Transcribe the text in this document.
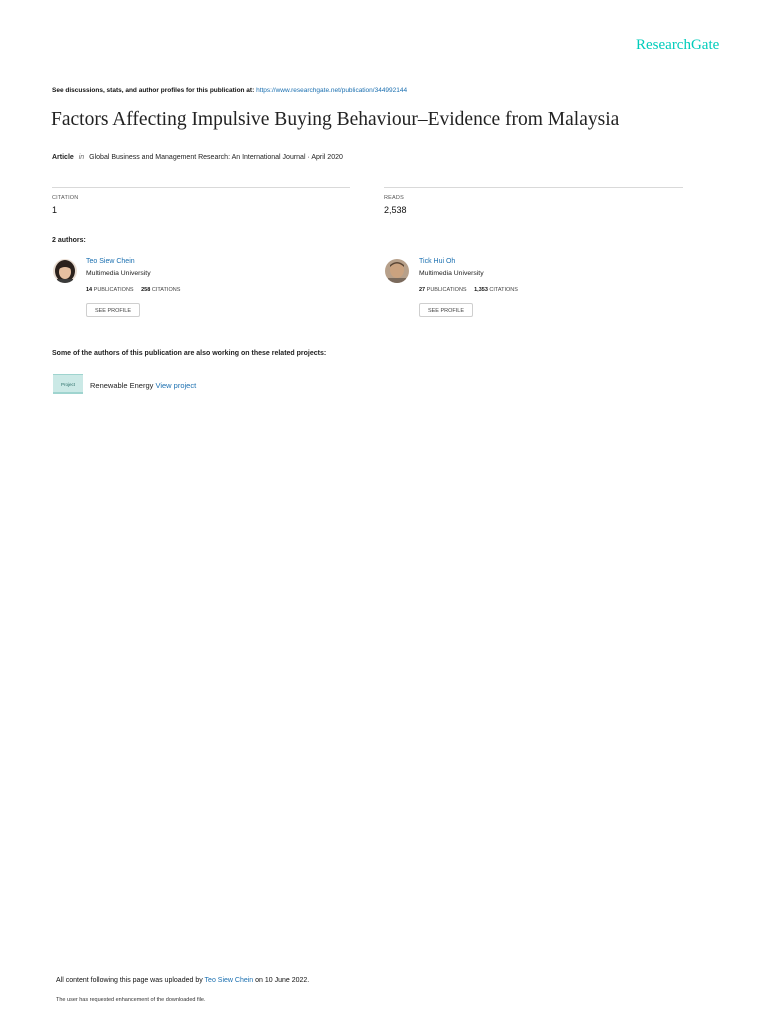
ResearchGate
See discussions, stats, and author profiles for this publication at: https://www.researchgate.net/publication/344992144
Factors Affecting Impulsive Buying Behaviour–Evidence from Malaysia
Article in Global Business and Management Research: An International Journal · April 2020
CITATION
1
READS
2,538
2 authors:
Teo Siew Chein
Multimedia University
14 PUBLICATIONS 258 CITATIONS
SEE PROFILE
Tick Hui Oh
Multimedia University
27 PUBLICATIONS 1,353 CITATIONS
SEE PROFILE
Some of the authors of this publication are also working on these related projects:
Project	Renewable Energy View project
All content following this page was uploaded by Teo Siew Chein on 10 June 2022.
The user has requested enhancement of the downloaded file.
